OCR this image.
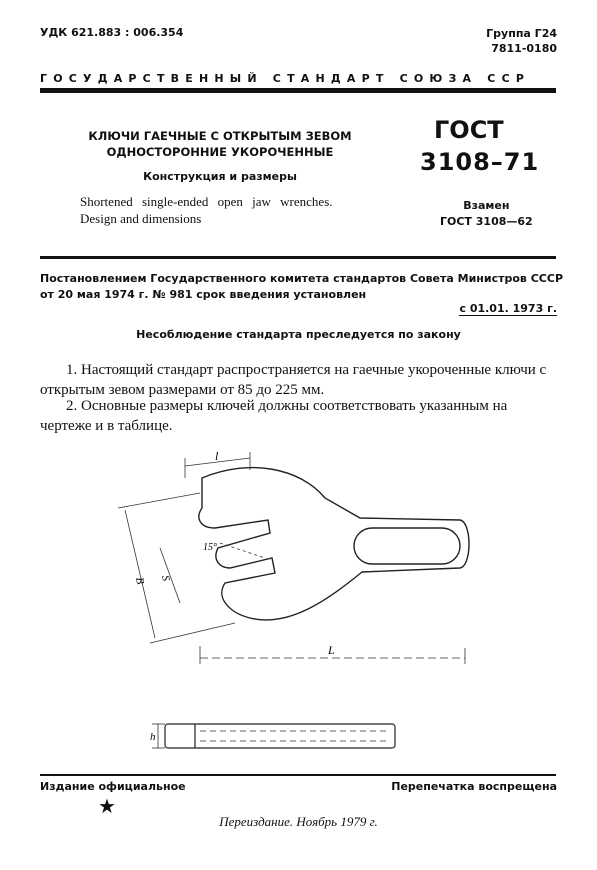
УДК 621.883 : 006.354	Группа Г24
7811-0180
ГОСУДАРСТВЕННЫЙ СТАНДАРТ СОЮЗА ССР
КЛЮЧИ ГАЕЧНЫЕ С ОТКРЫТЫМ ЗЕВОМ
ОДНОСТОРОННИЕ УКОРОЧЕННЫЕ
Конструкция и размеры
Shortened single-ended open jaw wrenches.
Design and dimensions
ГОСТ
3108–71
Взамен
ГОСТ 3108—62
Постановлением Государственного комитета стандартов Совета Министров СССР
от 20 мая 1974 г. № 981 срок введения установлен
с 01.01. 1973 г.
Несоблюдение стандарта преследуется по закону
1. Настоящий стандарт распространяется на гаечные укороченные ключи с открытым зевом размерами от 85 до 225 мм.
2. Основные размеры ключей должны соответствовать указанным на чертеже и в таблице.
l
15°
S
B
L
h
Издание официальное	Перепечатка воспрещена
★
Переиздание. Ноябрь 1979 г.
